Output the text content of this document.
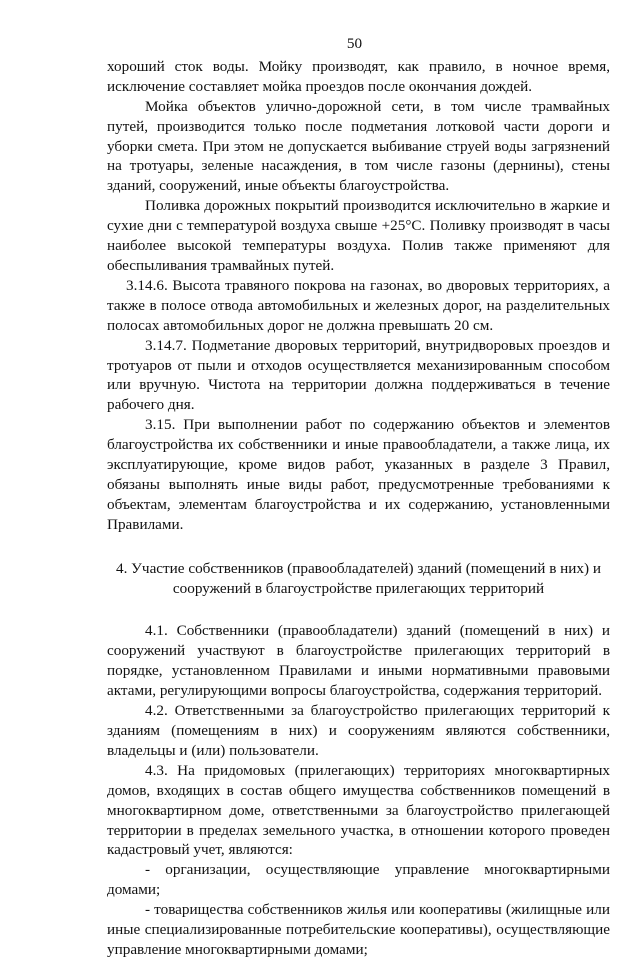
50

хороший сток воды. Мойку производят, как правило, в ночное время, исключение составляет мойка проездов после окончания дождей.

Мойка объектов улично-дорожной сети, в том числе трамвайных путей, производится только после подметания лотковой части дороги и уборки смета. При этом не допускается выбивание струей воды загрязнений на тротуары, зеленые насаждения, в том числе газоны (дернины), стены зданий, сооружений, иные объекты благоустройства.

Поливка дорожных покрытий производится исключительно в жаркие и сухие дни с температурой воздуха свыше +25°С. Поливку производят в часы наиболее высокой температуры воздуха. Полив также применяют для обеспыливания трамвайных путей.

3.14.6. Высота травяного покрова на газонах, во дворовых территориях, а также в полосе отвода автомобильных и железных дорог, на разделительных полосах автомобильных дорог не должна превышать 20 см.

3.14.7. Подметание дворовых территорий, внутридворовых проездов и тротуаров от пыли и отходов осуществляется механизированным способом или вручную. Чистота на территории должна поддерживаться в течение рабочего дня.

3.15. При выполнении работ по содержанию объектов и элементов благоустройства их собственники и иные правообладатели, а также лица, их эксплуатирующие, кроме видов работ, указанных в разделе 3 Правил, обязаны выполнять иные виды работ, предусмотренные требованиями к объектам, элементам благоустройства и их содержанию, установленными Правилами.

4. Участие собственников (правообладателей) зданий (помещений в них) и
сооружений в благоустройстве прилегающих территорий

4.1. Собственники (правообладатели) зданий (помещений в них) и сооружений участвуют в благоустройстве прилегающих территорий в порядке, установленном Правилами и иными нормативными правовыми актами, регулирующими вопросы благоустройства, содержания территорий.

4.2. Ответственными за благоустройство прилегающих территорий к зданиям (помещениям в них) и сооружениям являются собственники, владельцы и (или) пользователи.

4.3. На придомовых (прилегающих) территориях многоквартирных домов, входящих в состав общего имущества собственников помещений в многоквартирном доме, ответственными за благоустройство прилегающей территории в пределах земельного участка, в отношении которого проведен кадастровый учет, являются:

- организации, осуществляющие управление многоквартирными домами;

- товарищества собственников жилья или кооперативы (жилищные или иные специализированные потребительские кооперативы), осуществляющие управление многоквартирными домами;
